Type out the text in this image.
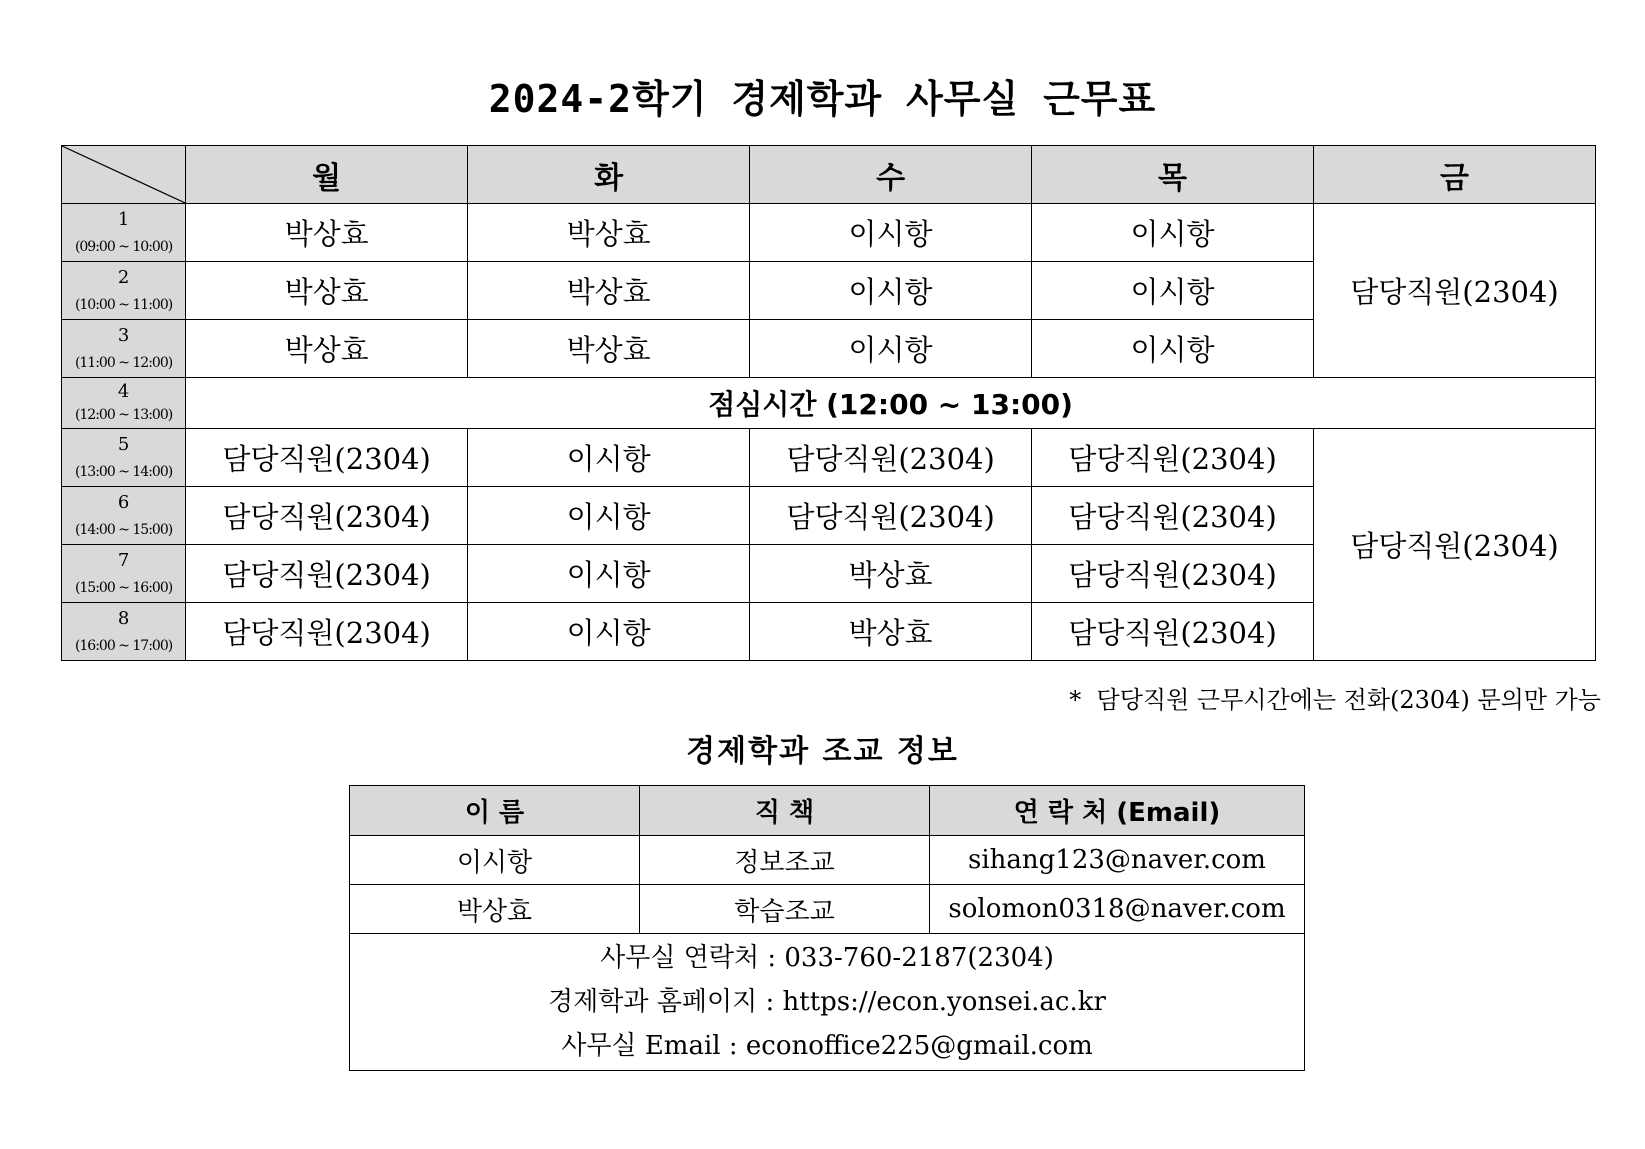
2024-2학기 경제학과 사무실 근무표
	월	화	수	목	금

1
(09:00 ~ 10:00)	박상효	박상효	이시항	이시항	담당직원(2304)

2
(10:00 ~ 11:00)	박상효	박상효	이시항	이시항	

3
(11:00 ~ 12:00)	박상효	박상효	이시항	이시항	

4
(12:00 ~ 13:00)	점심시간 (12:00 ~ 13:00)				

5
(13:00 ~ 14:00)	담당직원(2304)	이시항	담당직원(2304)	담당직원(2304)	담당직원(2304)

6
(14:00 ~ 15:00)	담당직원(2304)	이시항	담당직원(2304)	담당직원(2304)	

7
(15:00 ~ 16:00)	담당직원(2304)	이시항	박상효	담당직원(2304)	

8
(16:00 ~ 17:00)	담당직원(2304)	이시항	박상효	담당직원(2304)	
*  담당직원 근무시간에는 전화(2304) 문의만 가능
경제학과 조교 정보
이 름	직 책	연 락 처 (Email)
이시항	정보조교	sihang123@naver.com
박상효	학습조교	solomon0318@naver.com

사무실 연락처 : 033-760-2187(2304)
경제학과 홈페이지 : https://econ.yonsei.ac.kr
사무실 Email : econoffice225@gmail.com		
